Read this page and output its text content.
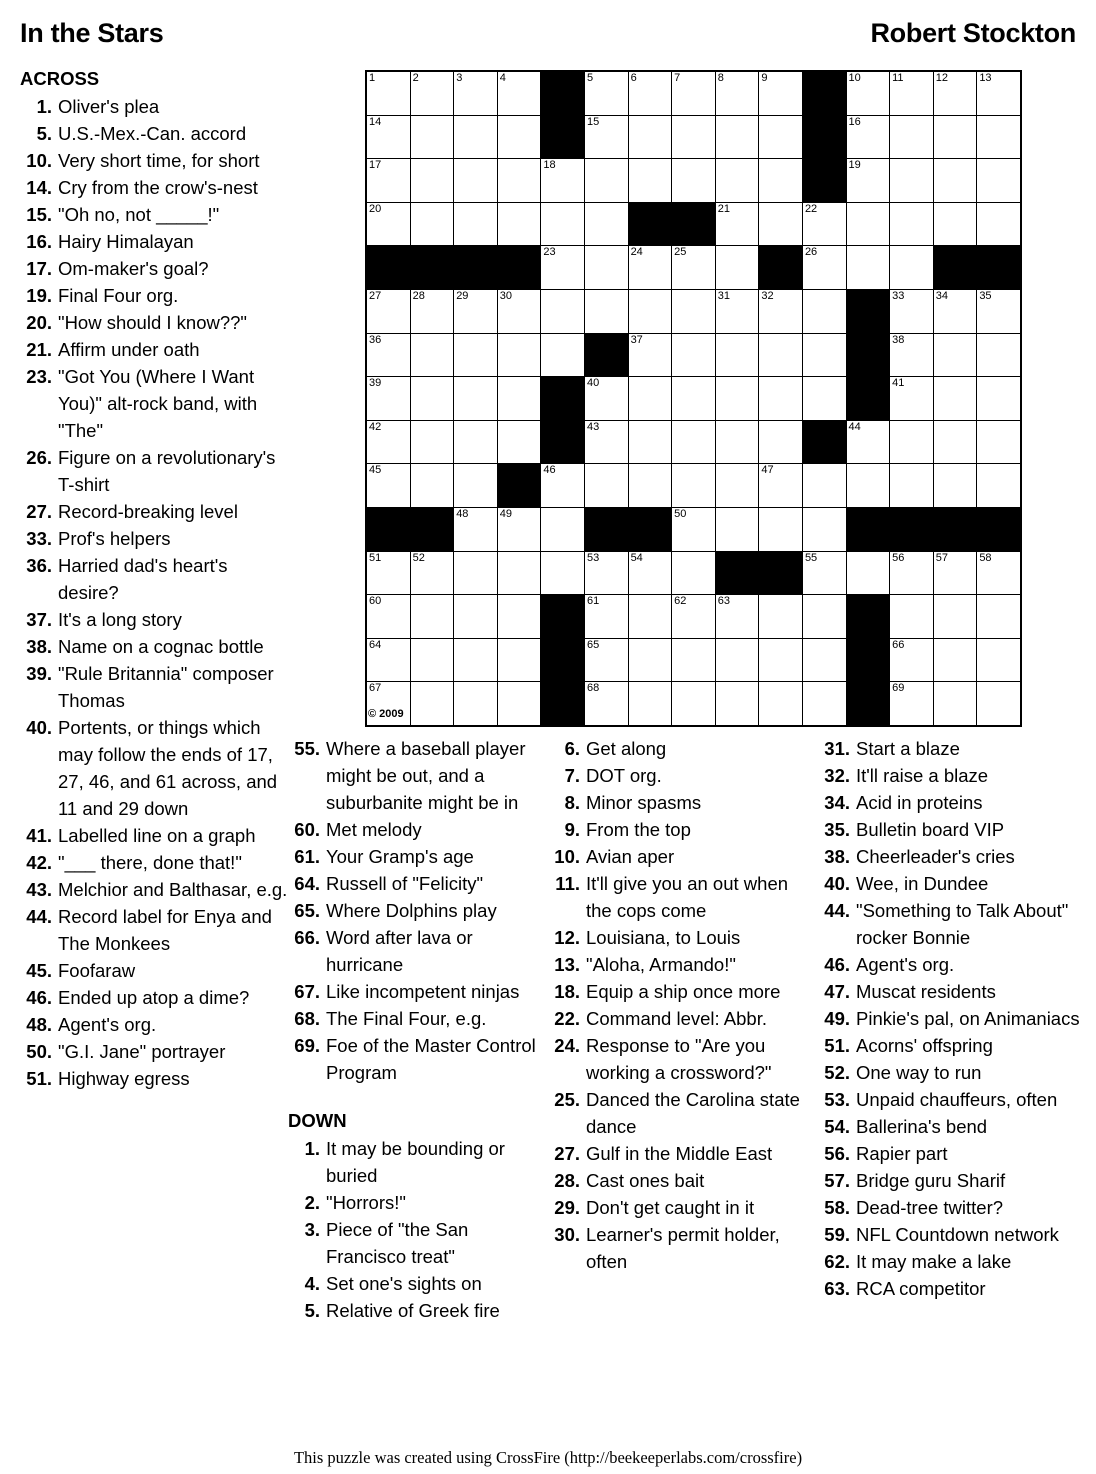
In the Stars	Robert Stockton
1	2	3	4		5	6	7	8	9		10	11	12	13

14					15						16			

17				18							19			

20								21		22				

				23		24	25			26				

27	28	29	30					31	32			33	34	35

36						37						38		

39					40							41		

42					43						44			

45				46					47					

		48	49				50							

51	52				53	54				55		56	57	58

60					61		62	63						

64					65							66		

67					68							69		

© 2009
ACROSS
1. Oliver's plea
5. U.S.-Mex.-Can. accord
10. Very short time, for short
14. Cry from the crow's-nest
15. "Oh no, not _____!"
16. Hairy Himalayan
17. Om-maker's goal?
19. Final Four org.
20. "How should I know??"
21. Affirm under oath
23. "Got You (Where I Want You)" alt-rock band, with "The"
26. Figure on a revolutionary's T-shirt
27. Record-breaking level
33. Prof's helpers
36. Harried dad's heart's desire?
37. It's a long story
38. Name on a cognac bottle
39. "Rule Britannia" composer Thomas
40. Portents, or things which may follow the ends of 17, 27, 46, and 61 across, and 11 and 29 down
41. Labelled line on a graph
42. "___ there, done that!"
43. Melchior and Balthasar, e.g.
44. Record label for Enya and The Monkees
45. Foofaraw
46. Ended up atop a dime?
48. Agent's org.
50. "G.I. Jane" portrayer
51. Highway egress
55. Where a baseball player might be out, and a suburbanite might be in
60. Met melody
61. Your Gramp's age
64. Russell of "Felicity"
65. Where Dolphins play
66. Word after lava or hurricane
67. Like incompetent ninjas
68. The Final Four, e.g.
69. Foe of the Master Control Program
DOWN
1. It may be bounding or buried
2. "Horrors!"
3. Piece of "the San Francisco treat"
4. Set one's sights on
5. Relative of Greek fire
6. Get along
7. DOT org.
8. Minor spasms
9. From the top
10. Avian aper
11. It'll give you an out when the cops come
12. Louisiana, to Louis
13. "Aloha, Armando!"
18. Equip a ship once more
22. Command level: Abbr.
24. Response to "Are you working a crossword?"
25. Danced the Carolina state dance
27. Gulf in the Middle East
28. Cast ones bait
29. Don't get caught in it
30. Learner's permit holder, often
31. Start a blaze
32. It'll raise a blaze
34. Acid in proteins
35. Bulletin board VIP
38. Cheerleader's cries
40. Wee, in Dundee
44. "Something to Talk About" rocker Bonnie
46. Agent's org.
47. Muscat residents
49. Pinkie's pal, on Animaniacs
51. Acorns' offspring
52. One way to run
53. Unpaid chauffeurs, often
54. Ballerina's bend
56. Rapier part
57. Bridge guru Sharif
58. Dead-tree twitter?
59. NFL Countdown network
62. It may make a lake
63. RCA competitor
This puzzle was created using CrossFire (http://beekeeperlabs.com/crossfire)
